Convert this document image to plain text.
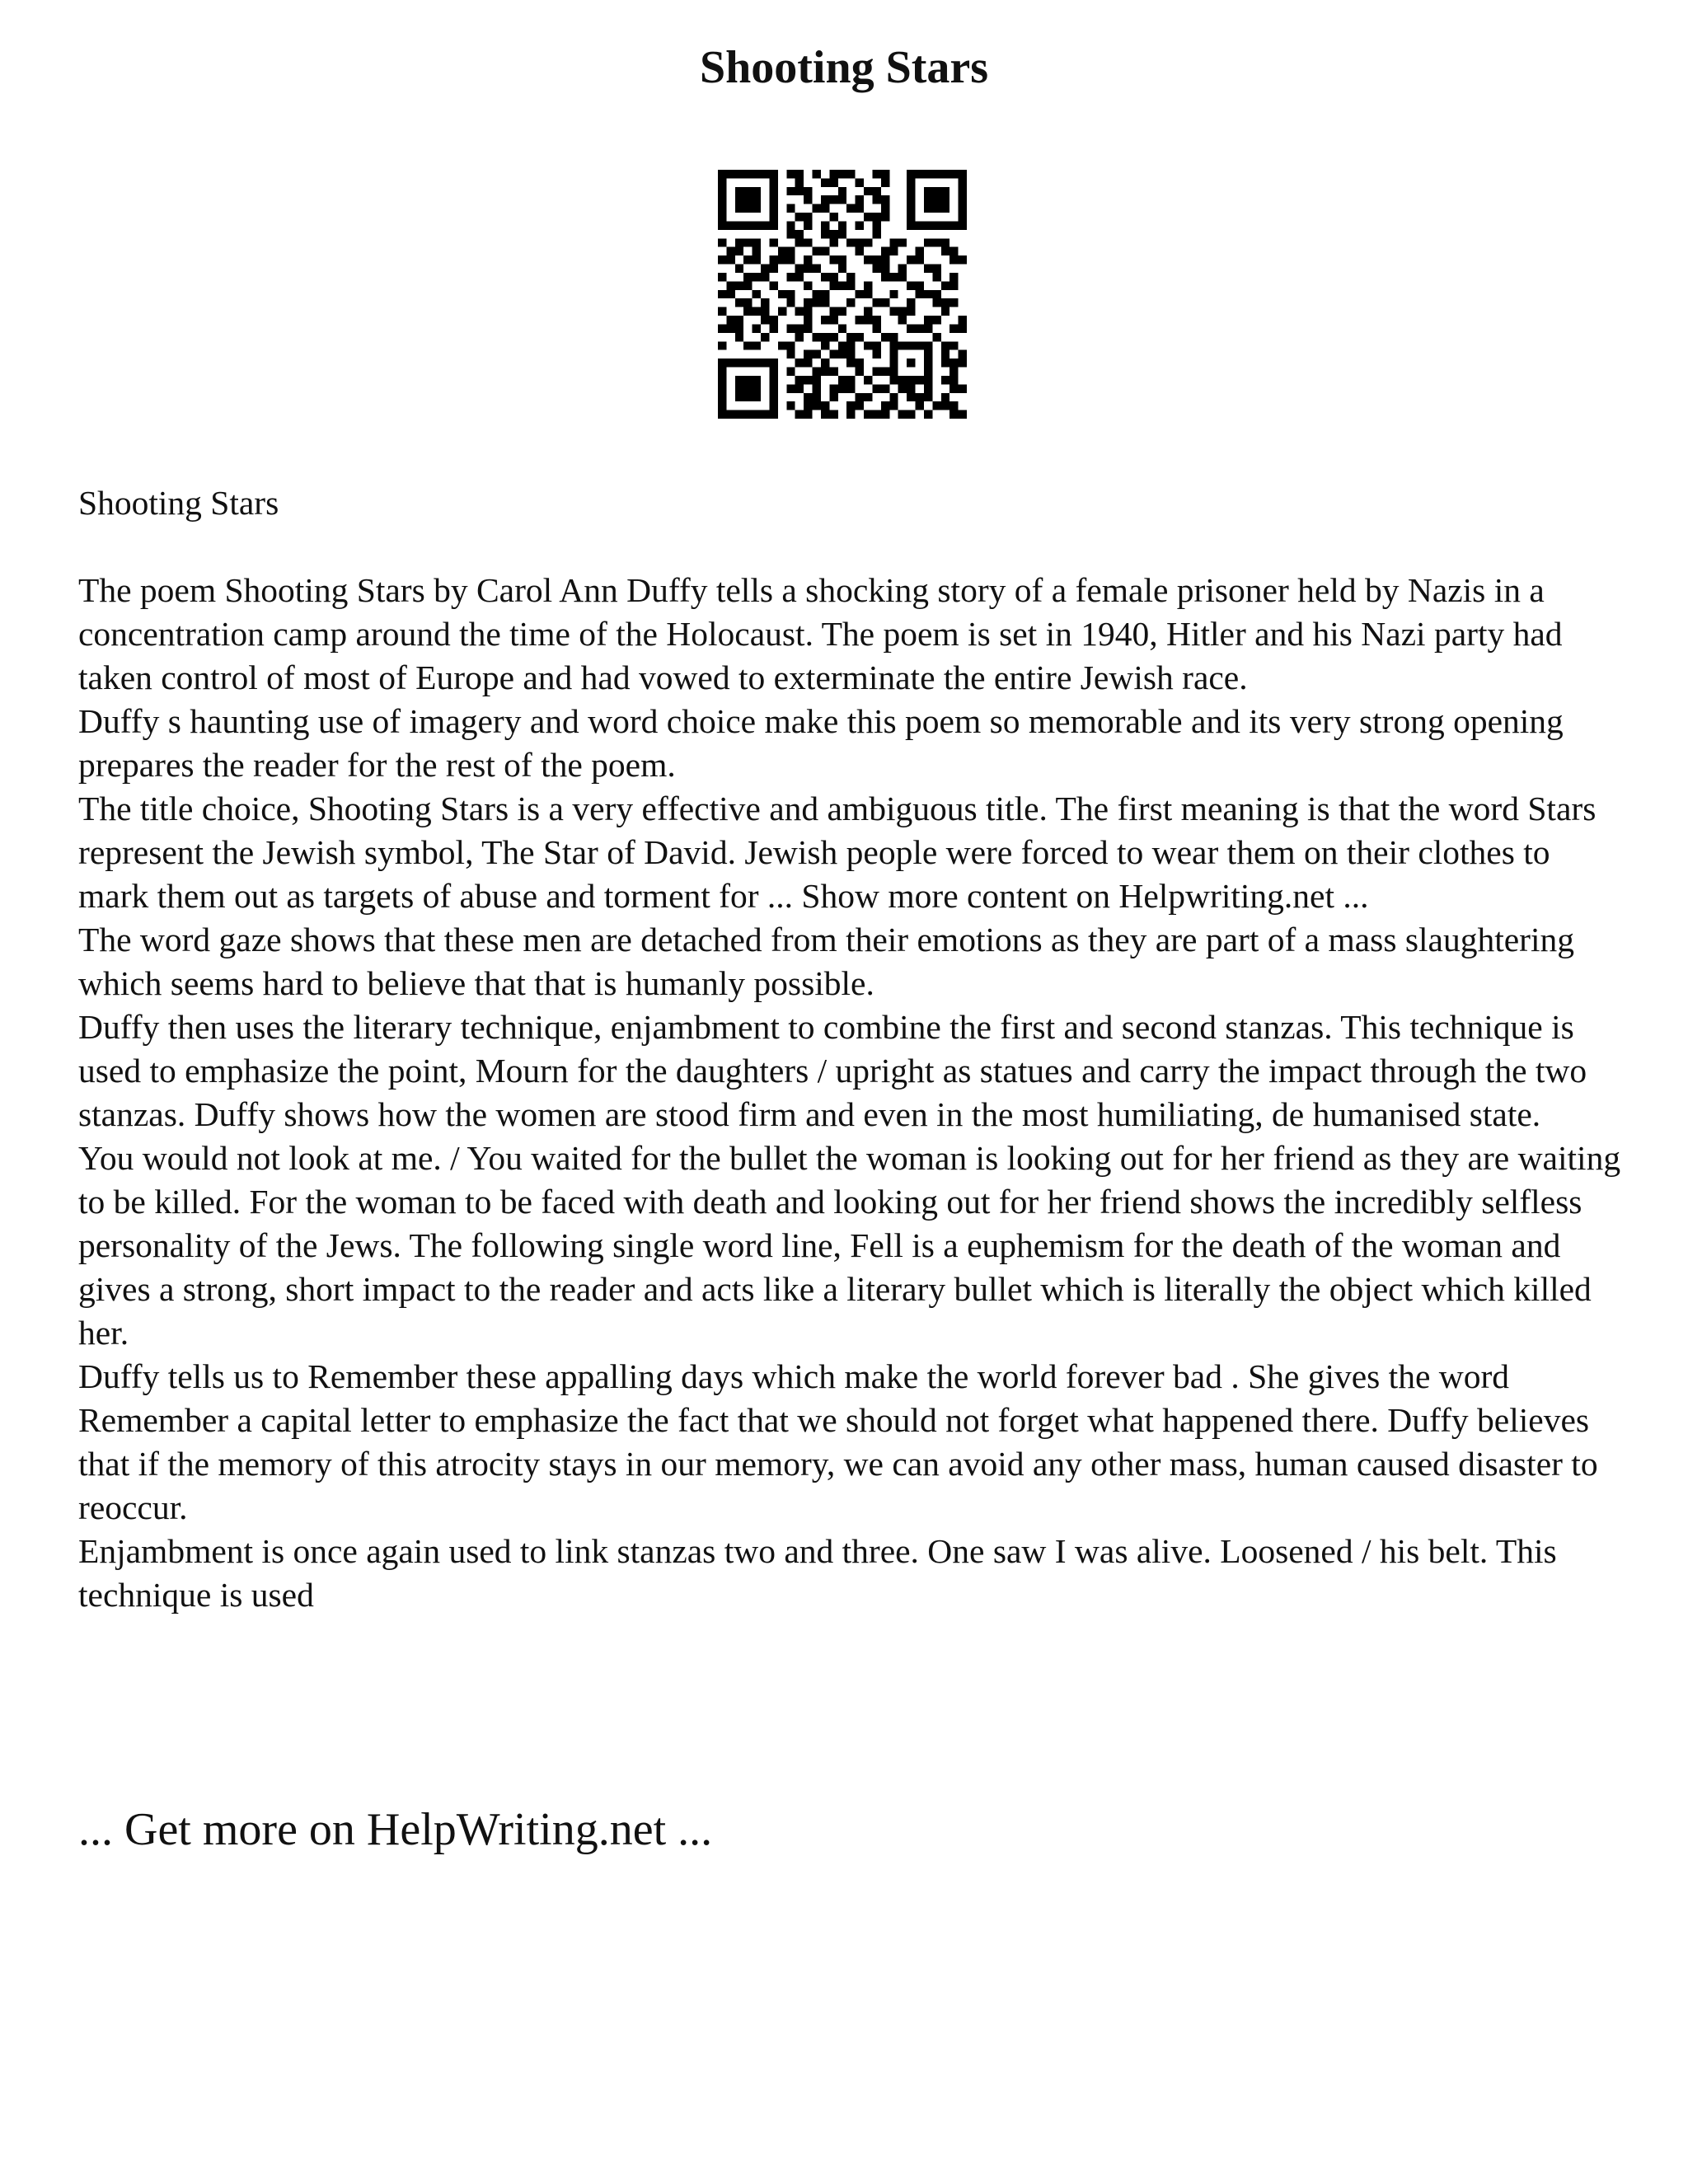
Shooting Stars

Shooting Stars

The poem Shooting Stars by Carol Ann Duffy tells a shocking story of a female prisoner held by Nazis in a concentration camp around the time of the Holocaust. The poem is set in 1940, Hitler and his Nazi party had taken control of most of Europe and had vowed to exterminate the entire Jewish race.

Duffy s haunting use of imagery and word choice make this poem so memorable and its very strong opening prepares the reader for the rest of the poem.

The title choice, Shooting Stars is a very effective and ambiguous title. The first meaning is that the word Stars represent the Jewish symbol, The Star of David. Jewish people were forced to wear them on their clothes to mark them out as targets of abuse and torment for ... Show more content on Helpwriting.net ...

The word gaze shows that these men are detached from their emotions as they are part of a mass slaughtering which seems hard to believe that that is humanly possible.

Duffy then uses the literary technique, enjambment to combine the first and second stanzas. This technique is used to emphasize the point, Mourn for the daughters / upright as statues and carry the impact through the two stanzas. Duffy shows how the women are stood firm and even in the most humiliating, de humanised state.

You would not look at me. / You waited for the bullet the woman is looking out for her friend as they are waiting to be killed. For the woman to be faced with death and looking out for her friend shows the incredibly selfless personality of the Jews. The following single word line, Fell is a euphemism for the death of the woman and gives a strong, short impact to the reader and acts like a literary bullet which is literally the object which killed her.

Duffy tells us to Remember these appalling days which make the world forever bad . She gives the word Remember a capital letter to emphasize the fact that we should not forget what happened there. Duffy believes that if the memory of this atrocity stays in our memory, we can avoid any other mass, human caused disaster to reoccur.

Enjambment is once again used to link stanzas two and three. One saw I was alive. Loosened / his belt. This technique is used

... Get more on HelpWriting.net ...
